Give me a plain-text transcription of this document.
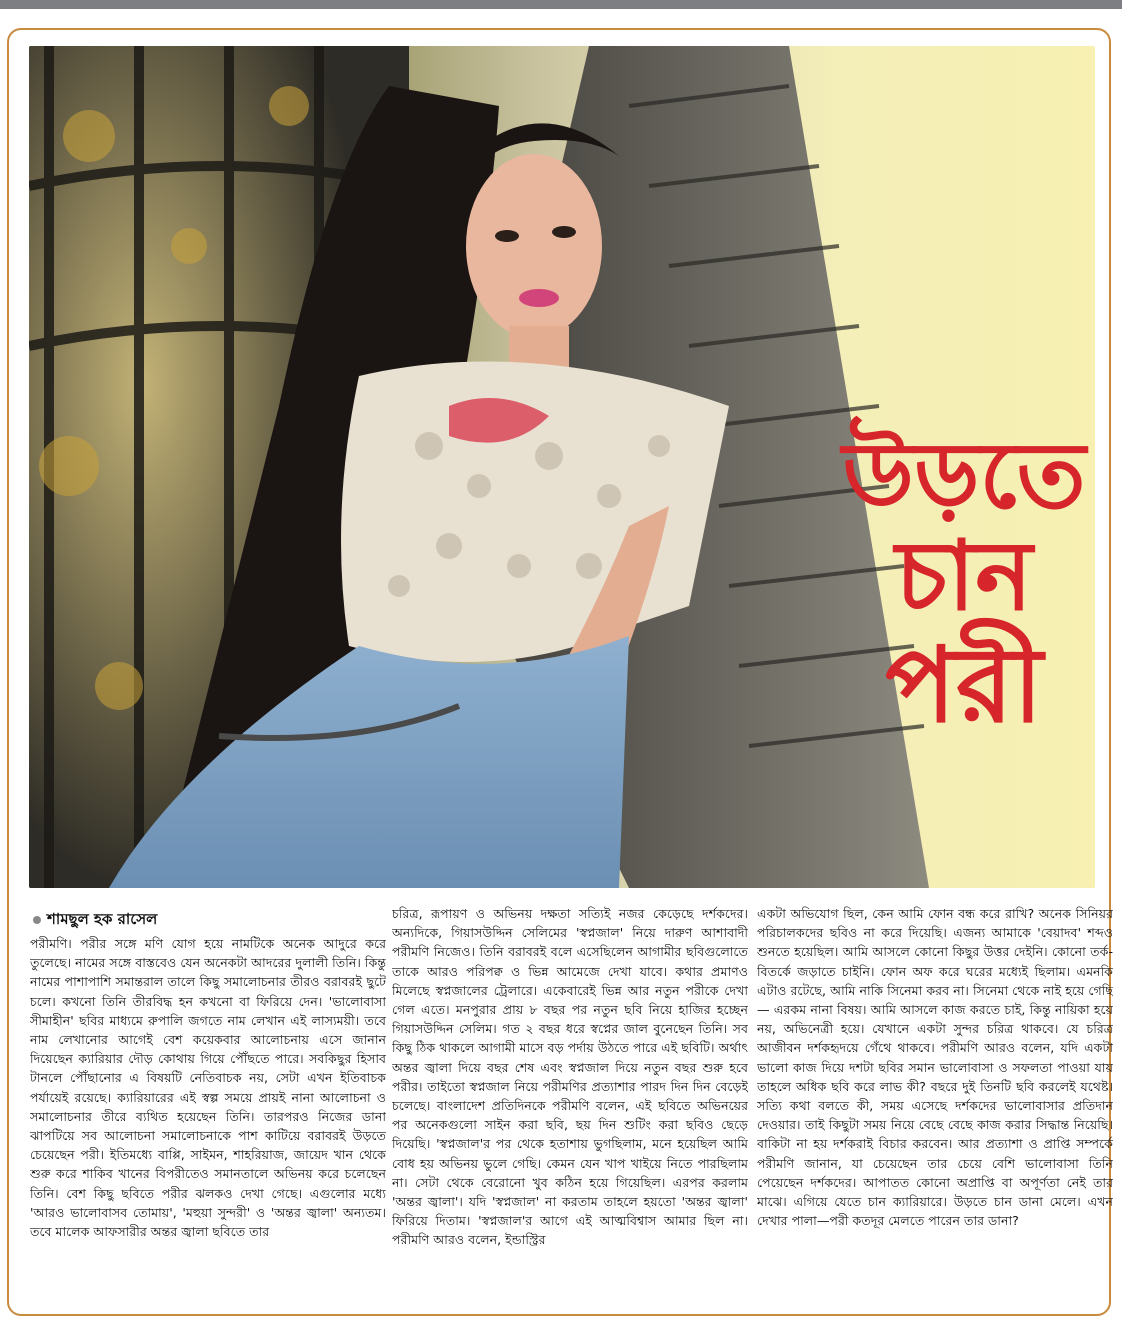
উড়তে
চান
পরী
শামছুল হক রাসেল

পরীমণি। পরীর সঙ্গে মণি যোগ হয়ে নামটিকে অনেক আদুরে করে তুলেছে। নামের সঙ্গে বাস্তবেও যেন অনেকটা আদরের দুলালী তিনি। কিন্তু নামের পাশাপাশি সমান্তরাল তালে কিছু সমালোচনার তীরও বরাবরই ছুটে চলে। কখনো তিনি তীরবিদ্ধ হন কখনো বা ফিরিয়ে দেন। 'ভালোবাসা সীমাহীন' ছবির মাধ্যমে রুপালি জগতে নাম লেখান এই লাস্যময়ী। তবে নাম লেখানোর আগেই বেশ কয়েকবার আলোচনায় এসে জানান দিয়েছেন ক্যারিয়ার দৌড় কোথায় গিয়ে পৌঁছতে পারে। সবকিছুর হিসাব টানলে পৌঁছানোর এ বিষয়টি নেতিবাচক নয়, সেটা এখন ইতিবাচক পর্যায়েই রয়েছে। ক্যারিয়ারের এই স্বল্প সময়ে প্রায়ই নানা আলোচনা ও সমালোচনার তীরে ব্যথিত হয়েছেন তিনি। তারপরও নিজের ডানা ঝাপটিয়ে সব আলোচনা সমালোচনাকে পাশ কাটিয়ে বরাবরই উড়তে চেয়েছেন পরী। ইতিমধ্যে বাপ্পি, সাইমন, শাহরিয়াজ, জায়েদ খান থেকে শুরু করে শাকিব খানের বিপরীতেও সমানতালে অভিনয় করে চলেছেন তিনি। বেশ কিছু ছবিতে পরীর ঝলকও দেখা গেছে। এগুলোর মধ্যে 'আরও ভালোবাসব তোমায়', 'মহুয়া সুন্দরী' ও 'অন্তর জ্বালা' অন্যতম। তবে মালেক আফসারীর অন্তর জ্বালা ছবিতে তার

চরিত্র, রূপায়ণ ও অভিনয় দক্ষতা সত্যিই নজর কেড়েছে দর্শকদের। অন্যদিকে, গিয়াসউদ্দিন সেলিমের 'স্বপ্নজাল' নিয়ে দারুণ আশাবাদী পরীমণি নিজেও। তিনি বরাবরই বলে এসেছিলেন আগামীর ছবিগুলোতে তাকে আরও পরিপক্ব ও ভিন্ন আমেজে দেখা যাবে। কথার প্রমাণও মিলেছে স্বপ্নজালের ট্রেলারে। একেবারেই ভিন্ন আর নতুন পরীকে দেখা গেল এতে। মনপুরার প্রায় ৮ বছর পর নতুন ছবি নিয়ে হাজির হচ্ছেন গিয়াসউদ্দিন সেলিম। গত ২ বছর ধরে স্বপ্নের জাল বুনেছেন তিনি। সব কিছু ঠিক থাকলে আগামী মাসে বড় পর্দায় উঠতে পারে এই ছবিটি। অর্থাৎ অন্তর জ্বালা দিয়ে বছর শেষ এবং স্বপ্নজাল দিয়ে নতুন বছর শুরু হবে পরীর। তাইতো স্বপ্নজাল নিয়ে পরীমণির প্রত্যাশার পারদ দিন দিন বেড়েই চলেছে। বাংলাদেশ প্রতিদিনকে পরীমণি বলেন, এই ছবিতে অভিনয়ের পর অনেকগুলো সাইন করা ছবি, ছয় দিন শুটিং করা ছবিও ছেড়ে দিয়েছি। 'স্বপ্নজাল'র পর থেকে হতাশায় ভুগছিলাম, মনে হয়েছিল আমি বোধ হয় অভিনয় ভুলে গেছি। কেমন যেন খাপ খাইয়ে নিতে পারছিলাম না। সেটা থেকে বেরোনো খুব কঠিন হয়ে গিয়েছিল। এরপর করলাম 'অন্তর জ্বালা'। যদি 'স্বপ্নজাল' না করতাম তাহলে হয়তো 'অন্তর জ্বালা' ফিরিয়ে দিতাম। 'স্বপ্নজাল'র আগে এই আত্মবিশ্বাস আমার ছিল না। পরীমণি আরও বলেন, ইন্ডাস্ট্রির

একটা অভিযোগ ছিল, কেন আমি ফোন বন্ধ করে রাখি? অনেক সিনিয়র পরিচালকদের ছবিও না করে দিয়েছি। এজন্য আমাকে 'বেয়াদব' শব্দও শুনতে হয়েছিল। আমি আসলে কোনো কিছুর উত্তর দেইনি। কোনো তর্ক-বিতর্কে জড়াতে চাইনি। ফোন অফ করে ঘরের মধ্যেই ছিলাম। এমনকি এটাও রটেছে, আমি নাকি সিনেমা করব না। সিনেমা থেকে নাই হয়ে গেছি— এরকম নানা বিষয়। আমি আসলে কাজ করতে চাই, কিন্তু নায়িকা হয়ে নয়, অভিনেত্রী হয়ে। যেখানে একটা সুন্দর চরিত্র থাকবে। যে চরিত্র আজীবন দর্শকহৃদয়ে গেঁথে থাকবে। পরীমণি আরও বলেন, যদি একটা ভালো কাজ দিয়ে দশটা ছবির সমান ভালোবাসা ও সফলতা পাওয়া যায় তাহলে অধিক ছবি করে লাভ কী? বছরে দুই তিনটি ছবি করলেই যথেষ্ট। সত্যি কথা বলতে কী, সময় এসেছে দর্শকদের ভালোবাসার প্রতিদান দেওয়ার। তাই কিছুটা সময় নিয়ে বেছে বেছে কাজ করার সিদ্ধান্ত নিয়েছি। বাকিটা না হয় দর্শকরাই বিচার করবেন। আর প্রত্যাশা ও প্রাপ্তি সম্পর্কে পরীমণি জানান, যা চেয়েছেন তার চেয়ে বেশি ভালোবাসা তিনি পেয়েছেন দর্শকদের। আপাতত কোনো অপ্রাপ্তি বা অপূর্ণতা নেই তার মাঝে। এগিয়ে যেতে চান ক্যারিয়ারে। উড়তে চান ডানা মেলে। এখন দেখার পালা—পরী কতদূর মেলতে পারেন তার ডানা?
